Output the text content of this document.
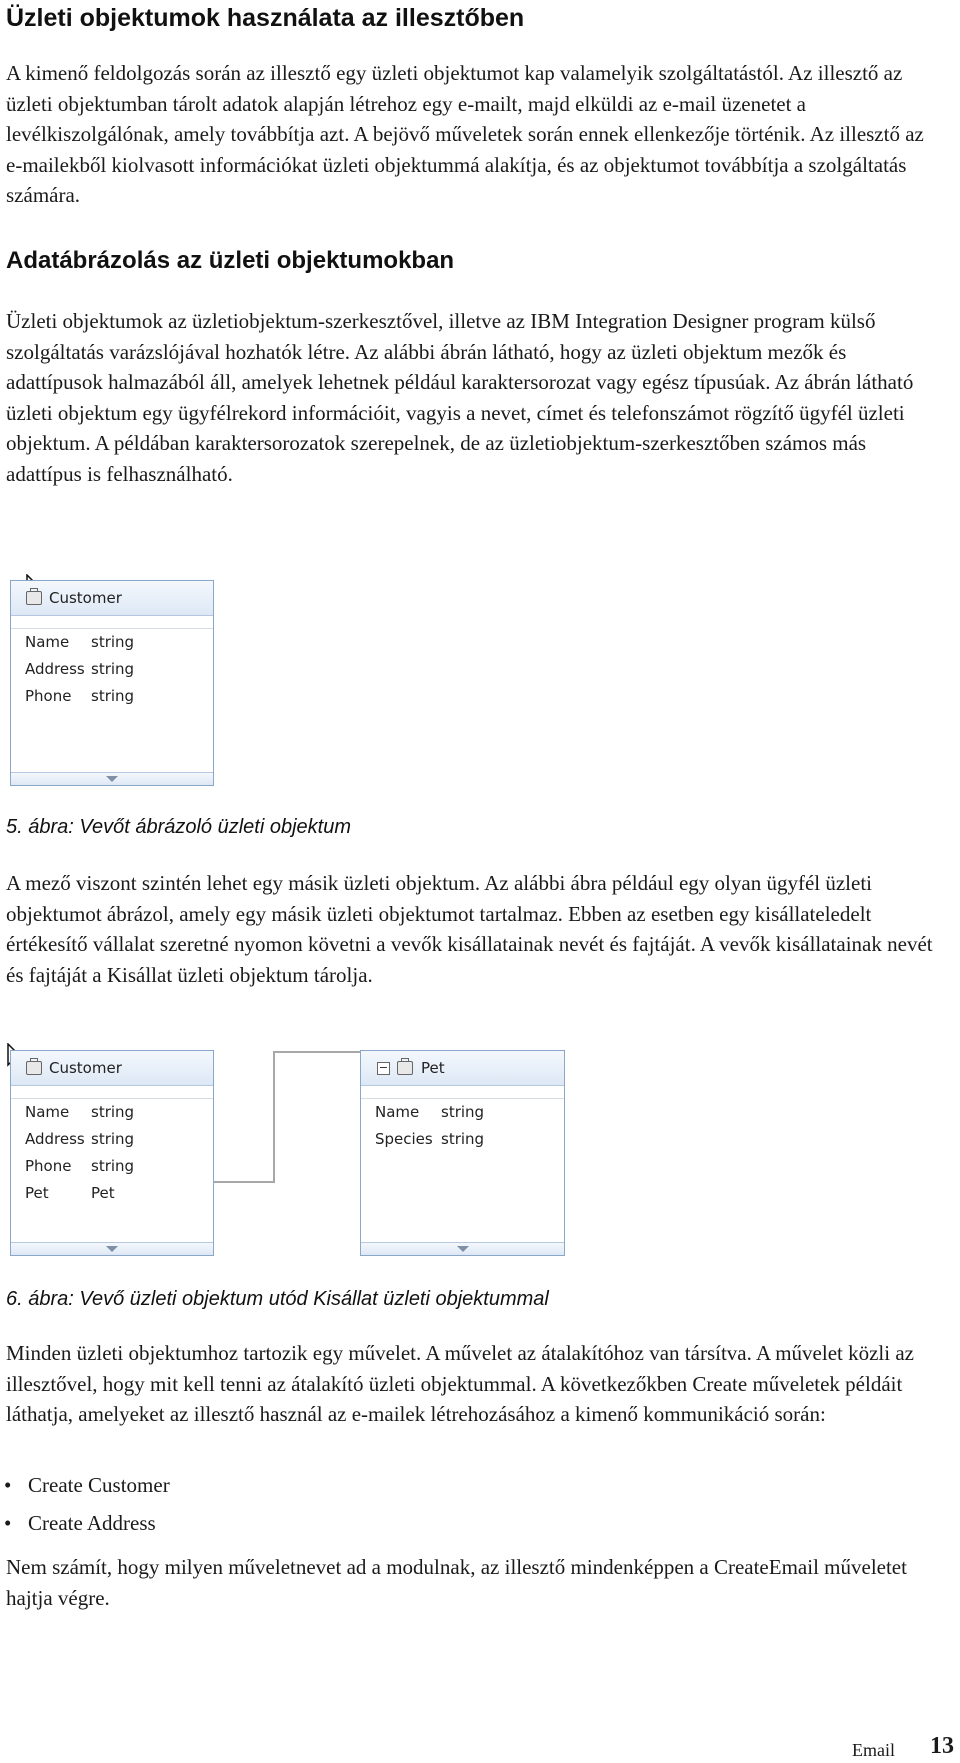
Üzleti objektumok használata az illesztőben

A kimenő feldolgozás során az illesztő egy üzleti objektumot kap valamelyik szolgáltatástól. Az illesztő az üzleti objektumban tárolt adatok alapján létrehoz egy e-mailt, majd elküldi az e-mail üzenetet a levélkiszolgálónak, amely továbbítja azt. A bejövő műveletek során ennek ellenkezője történik. Az illesztő az e-mailekből kiolvasott információkat üzleti objektummá alakítja, és az objektumot továbbítja a szolgáltatás számára.

Adatábrázolás az üzleti objektumokban

Üzleti objektumok az üzletiobjektum-szerkesztővel, illetve az IBM Integration Designer program külső szolgáltatás varázslójával hozhatók létre. Az alábbi ábrán látható, hogy az üzleti objektum mezők és adattípusok halmazából áll, amelyek lehetnek például karaktersorozat vagy egész típusúak. Az ábrán látható üzleti objektum egy ügyfélrekord információit, vagyis a nevet, címet és telefonszámot rögzítő ügyfél üzleti objektum. A példában karaktersorozatok szerepelnek, de az üzletiobjektum-szerkesztőben számos más adattípus is felhasználható.

Customer
Name string
Address string
Phone string

5. ábra: Vevőt ábrázoló üzleti objektum

A mező viszont szintén lehet egy másik üzleti objektum. Az alábbi ábra például egy olyan ügyfél üzleti objektumot ábrázol, amely egy másik üzleti objektumot tartalmaz. Ebben az esetben egy kisállateledelt értékesítő vállalat szeretné nyomon követni a vevők kisállatainak nevét és fajtáját. A vevők kisállatainak nevét és fajtáját a Kisállat üzleti objektum tárolja.

Customer
Name string
Address string
Phone string
Pet	Pet
− Pet
Name string
Species string

6. ábra: Vevő üzleti objektum utód Kisállat üzleti objektummal

Minden üzleti objektumhoz tartozik egy művelet. A művelet az átalakítóhoz van társítva. A művelet közli az illesztővel, hogy mit kell tenni az átalakító üzleti objektummal. A következőkben Create műveletek példáit láthatja, amelyeket az illesztő használ az e-mailek létrehozásához a kimenő kommunikáció során:

• Create Customer
• Create Address

Nem számít, hogy milyen műveletnevet ad a modulnak, az illesztő mindenképpen a CreateEmail műveletet hajtja végre.

Email 13
